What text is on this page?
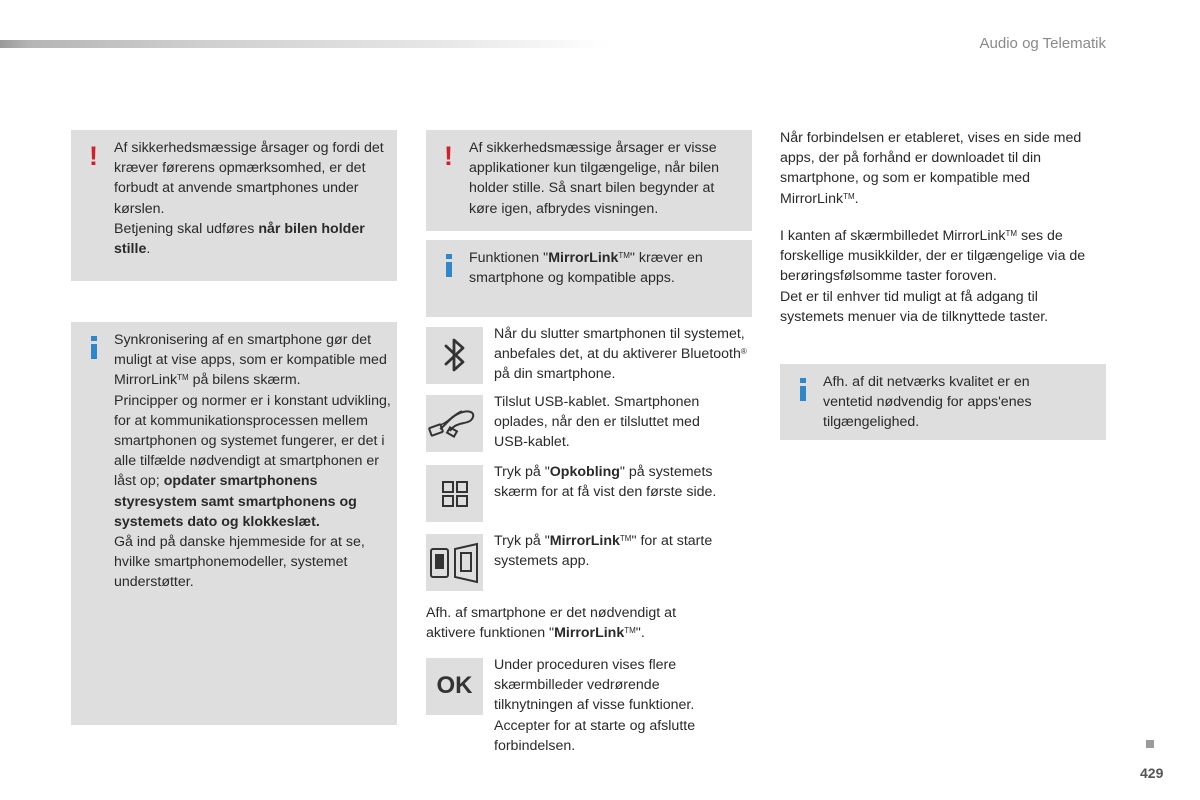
Audio og Telematik
! Af sikkerhedsmæssige årsager og fordi det kræver førerens opmærksomhed, er det forbudt at anvende smartphones under kørslen.
Betjening skal udføres når bilen holder stille.
Synkronisering af en smartphone gør det muligt at vise apps, som er kompatible med MirrorLink™ på bilens skærm.
Principper og normer er i konstant udvikling, for at kommunikationsprocessen mellem smartphonen og systemet fungerer, er det i alle tilfælde nødvendigt at smartphonen er låst op; opdater smartphonens styresystem samt smartphonens og systemets dato og klokkeslæt.
Gå ind på danske hjemmeside for at se, hvilke smartphonemodeller, systemet understøtter.
! Af sikkerhedsmæssige årsager er visse applikationer kun tilgængelige, når bilen holder stille. Så snart bilen begynder at køre igen, afbrydes visningen.
Funktionen "MirrorLink™" kræver en smartphone og kompatible apps.
Når du slutter smartphonen til systemet, anbefales det, at du aktiverer Bluetooth® på din smartphone.
Tilslut USB-kablet. Smartphonen oplades, når den er tilsluttet med USB-kablet.
Tryk på "Opkobling" på systemets skærm for at få vist den første side.
Tryk på "MirrorLink™" for at starte systemets app.
Afh. af smartphone er det nødvendigt at aktivere funktionen "MirrorLink™".
OK
Under proceduren vises flere skærmbilleder vedrørende tilknytningen af visse funktioner. Accepter for at starte og afslutte forbindelsen.
Når forbindelsen er etableret, vises en side med apps, der på forhånd er downloadet til din smartphone, og som er kompatible med MirrorLink™.
I kanten af skærmbilledet MirrorLink™ ses de forskellige musikkilder, der er tilgængelige via de berøringsfølsomme taster foroven.
Det er til enhver tid muligt at få adgang til systemets menuer via de tilknyttede taster.
Afh. af dit netværks kvalitet er en ventetid nødvendig for apps'enes tilgængelighed.
429
